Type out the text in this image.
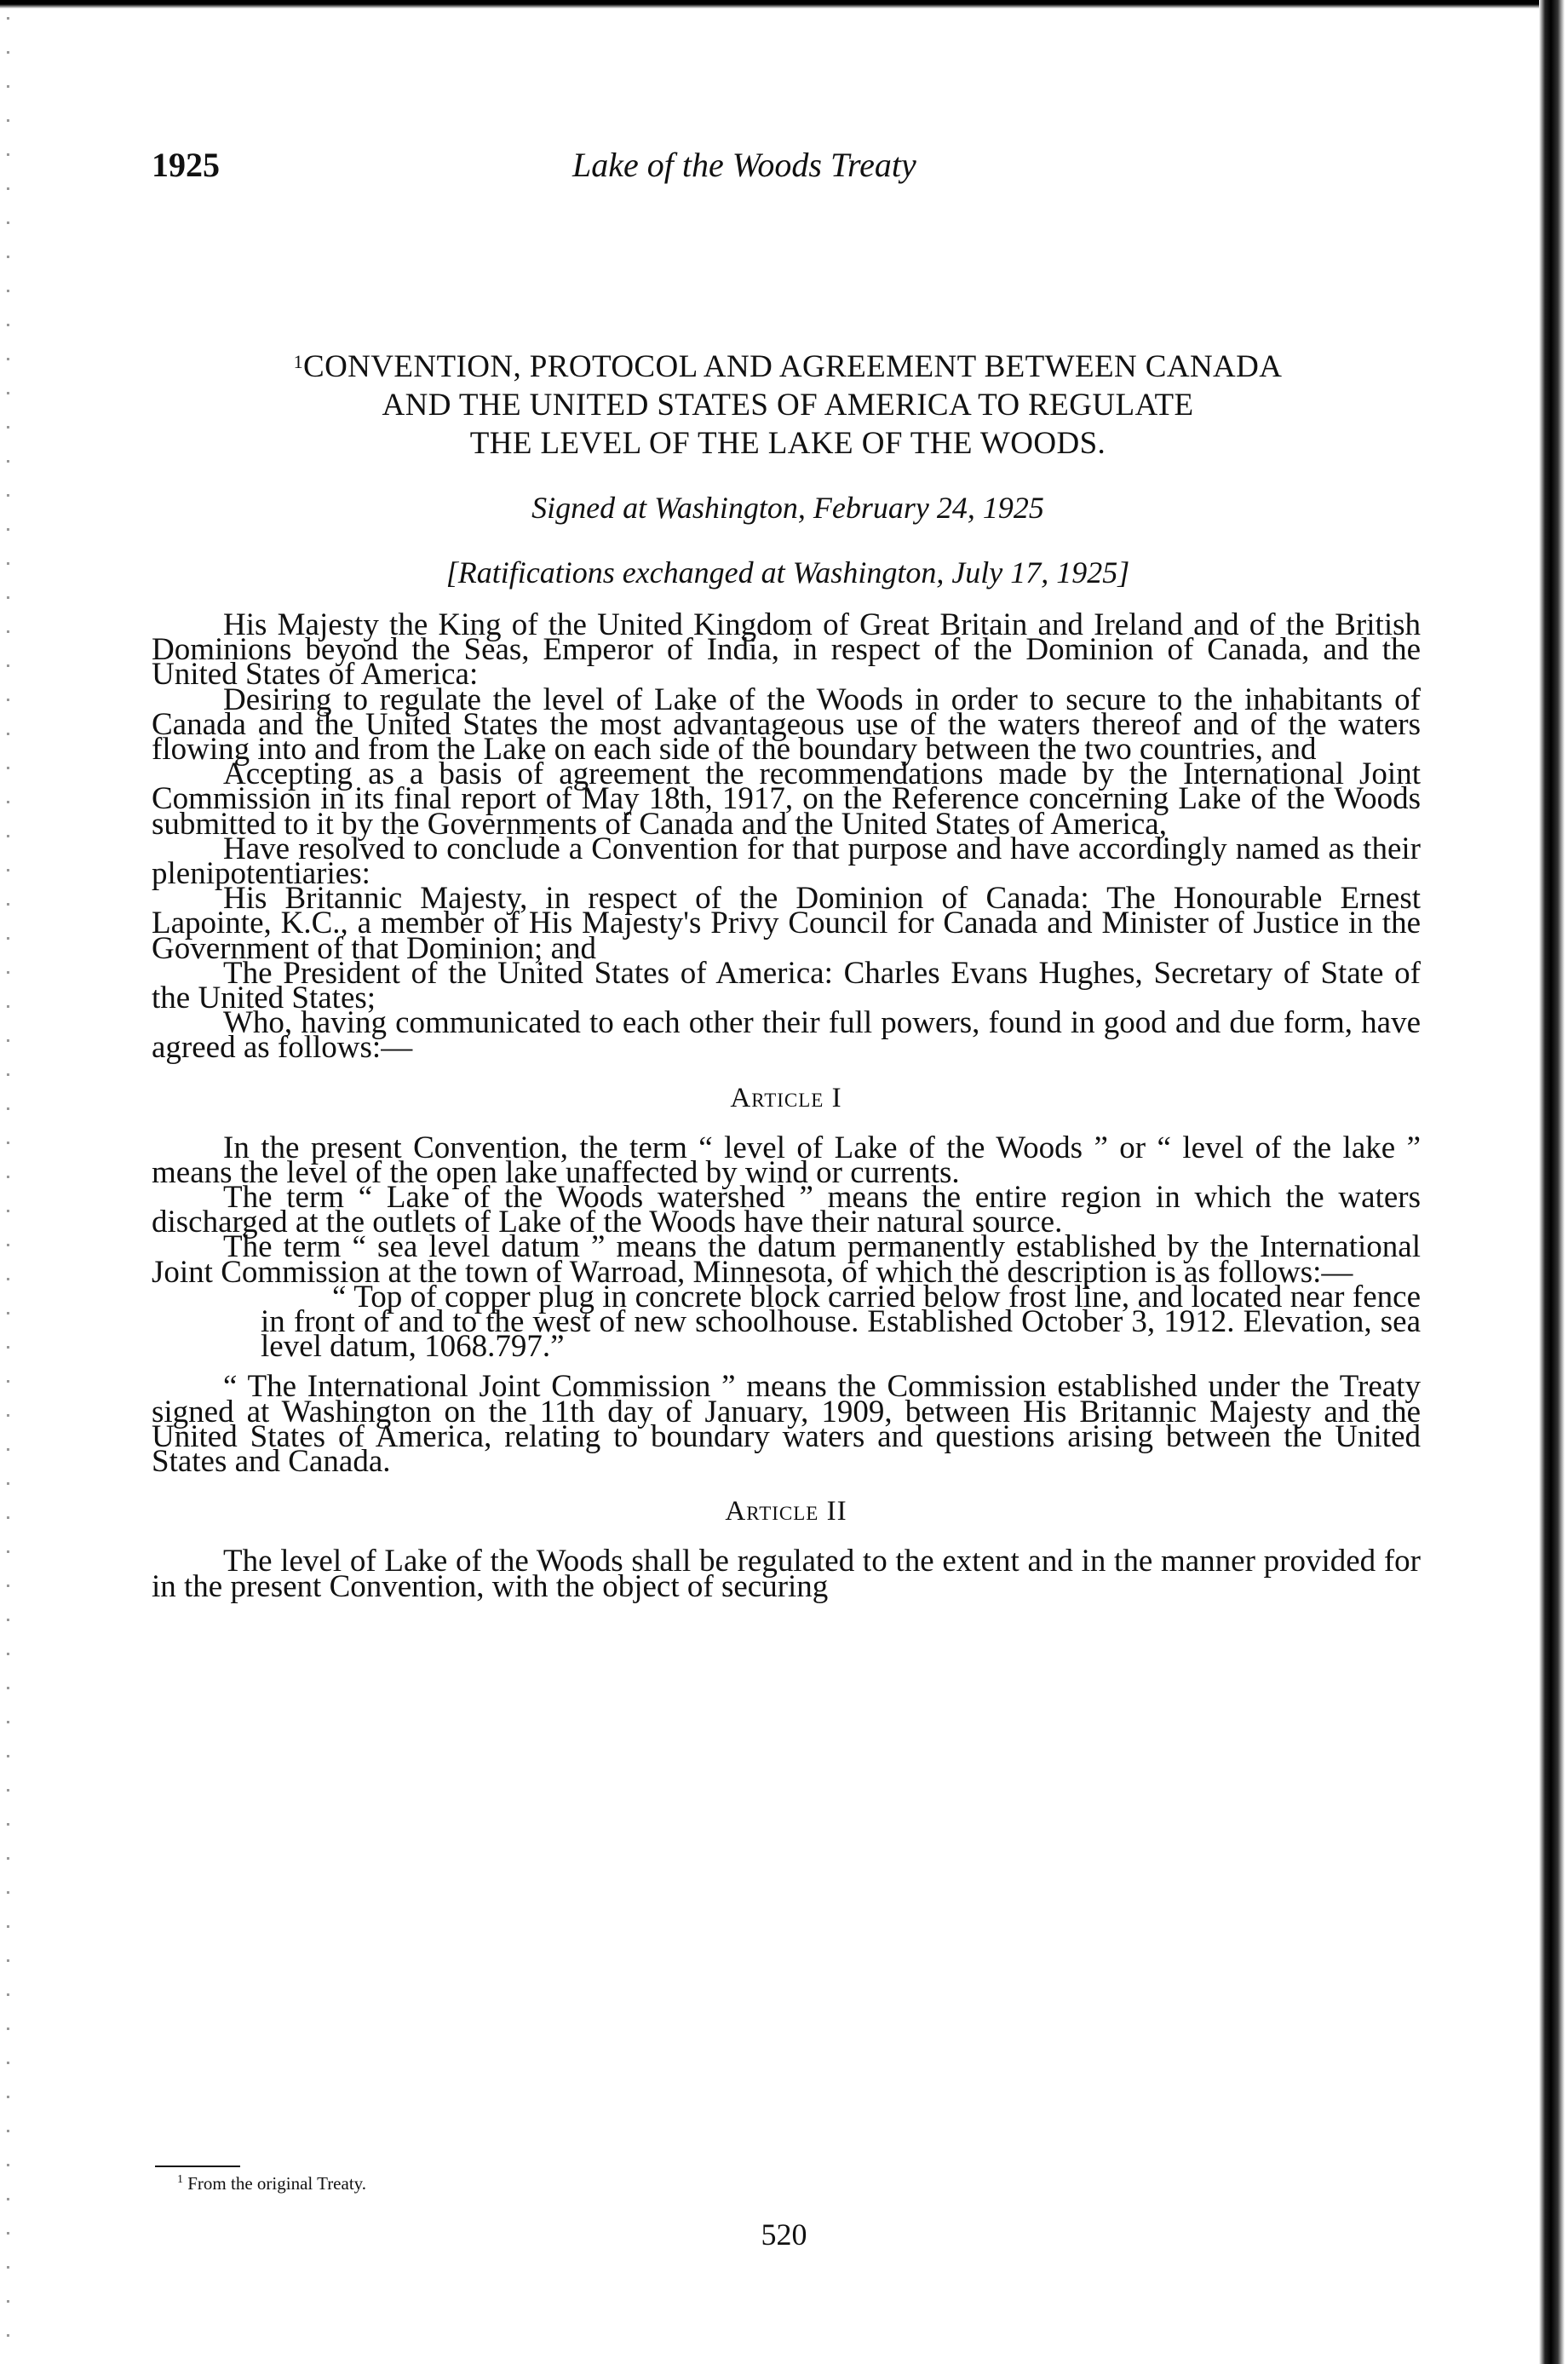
1925	Lake of the Woods Treaty
$^1$CONVENTION, PROTOCOL AND AGREEMENT BETWEEN CANADA
AND THE UNITED STATES OF AMERICA TO REGULATE
THE LEVEL OF THE LAKE OF THE WOODS.
Signed at Washington, February 24, 1925
[Ratifications exchanged at Washington, July 17, 1925]

His Majesty the King of the United Kingdom of Great Britain and Ireland and of the British Dominions beyond the Seas, Emperor of India, in respect of the Dominion of Canada, and the United States of America:

Desiring to regulate the level of Lake of the Woods in order to secure to the inhabitants of Canada and the United States the most advantageous use of the waters thereof and of the waters flowing into and from the Lake on each side of the boundary between the two countries, and

Accepting as a basis of agreement the recommendations made by the International Joint Commission in its final report of May 18th, 1917, on the Reference concerning Lake of the Woods submitted to it by the Governments of Canada and the United States of America,

Have resolved to conclude a Convention for that purpose and have accordingly named as their plenipotentiaries:

His Britannic Majesty, in respect of the Dominion of Canada: The Honourable Ernest Lapointe, K.C., a member of His Majesty's Privy Council for Canada and Minister of Justice in the Government of that Dominion; and

The President of the United States of America: Charles Evans Hughes, Secretary of State of the United States;

Who, having communicated to each other their full powers, found in good and due form, have agreed as follows:—

Article I

In the present Convention, the term “ level of Lake of the Woods ” or “ level of the lake ” means the level of the open lake unaffected by wind or currents.

The term “ Lake of the Woods watershed ” means the entire region in which the waters discharged at the outlets of Lake of the Woods have their natural source.

The term “ sea level datum ” means the datum permanently established by the International Joint Commission at the town of Warroad, Minnesota, of which the description is as follows:—

“ Top of copper plug in concrete block carried below frost line, and located near fence in front of and to the west of new schoolhouse. Established October 3, 1912. Elevation, sea level datum, 1068.797.”

“ The International Joint Commission ” means the Commission established under the Treaty signed at Washington on the 11th day of January, 1909, between His Britannic Majesty and the United States of America, relating to boundary waters and questions arising between the United States and Canada.

Article II

The level of Lake of the Woods shall be regulated to the extent and in the manner provided for in the present Convention, with the object of securing

$^1$ From the original Treaty.
520
